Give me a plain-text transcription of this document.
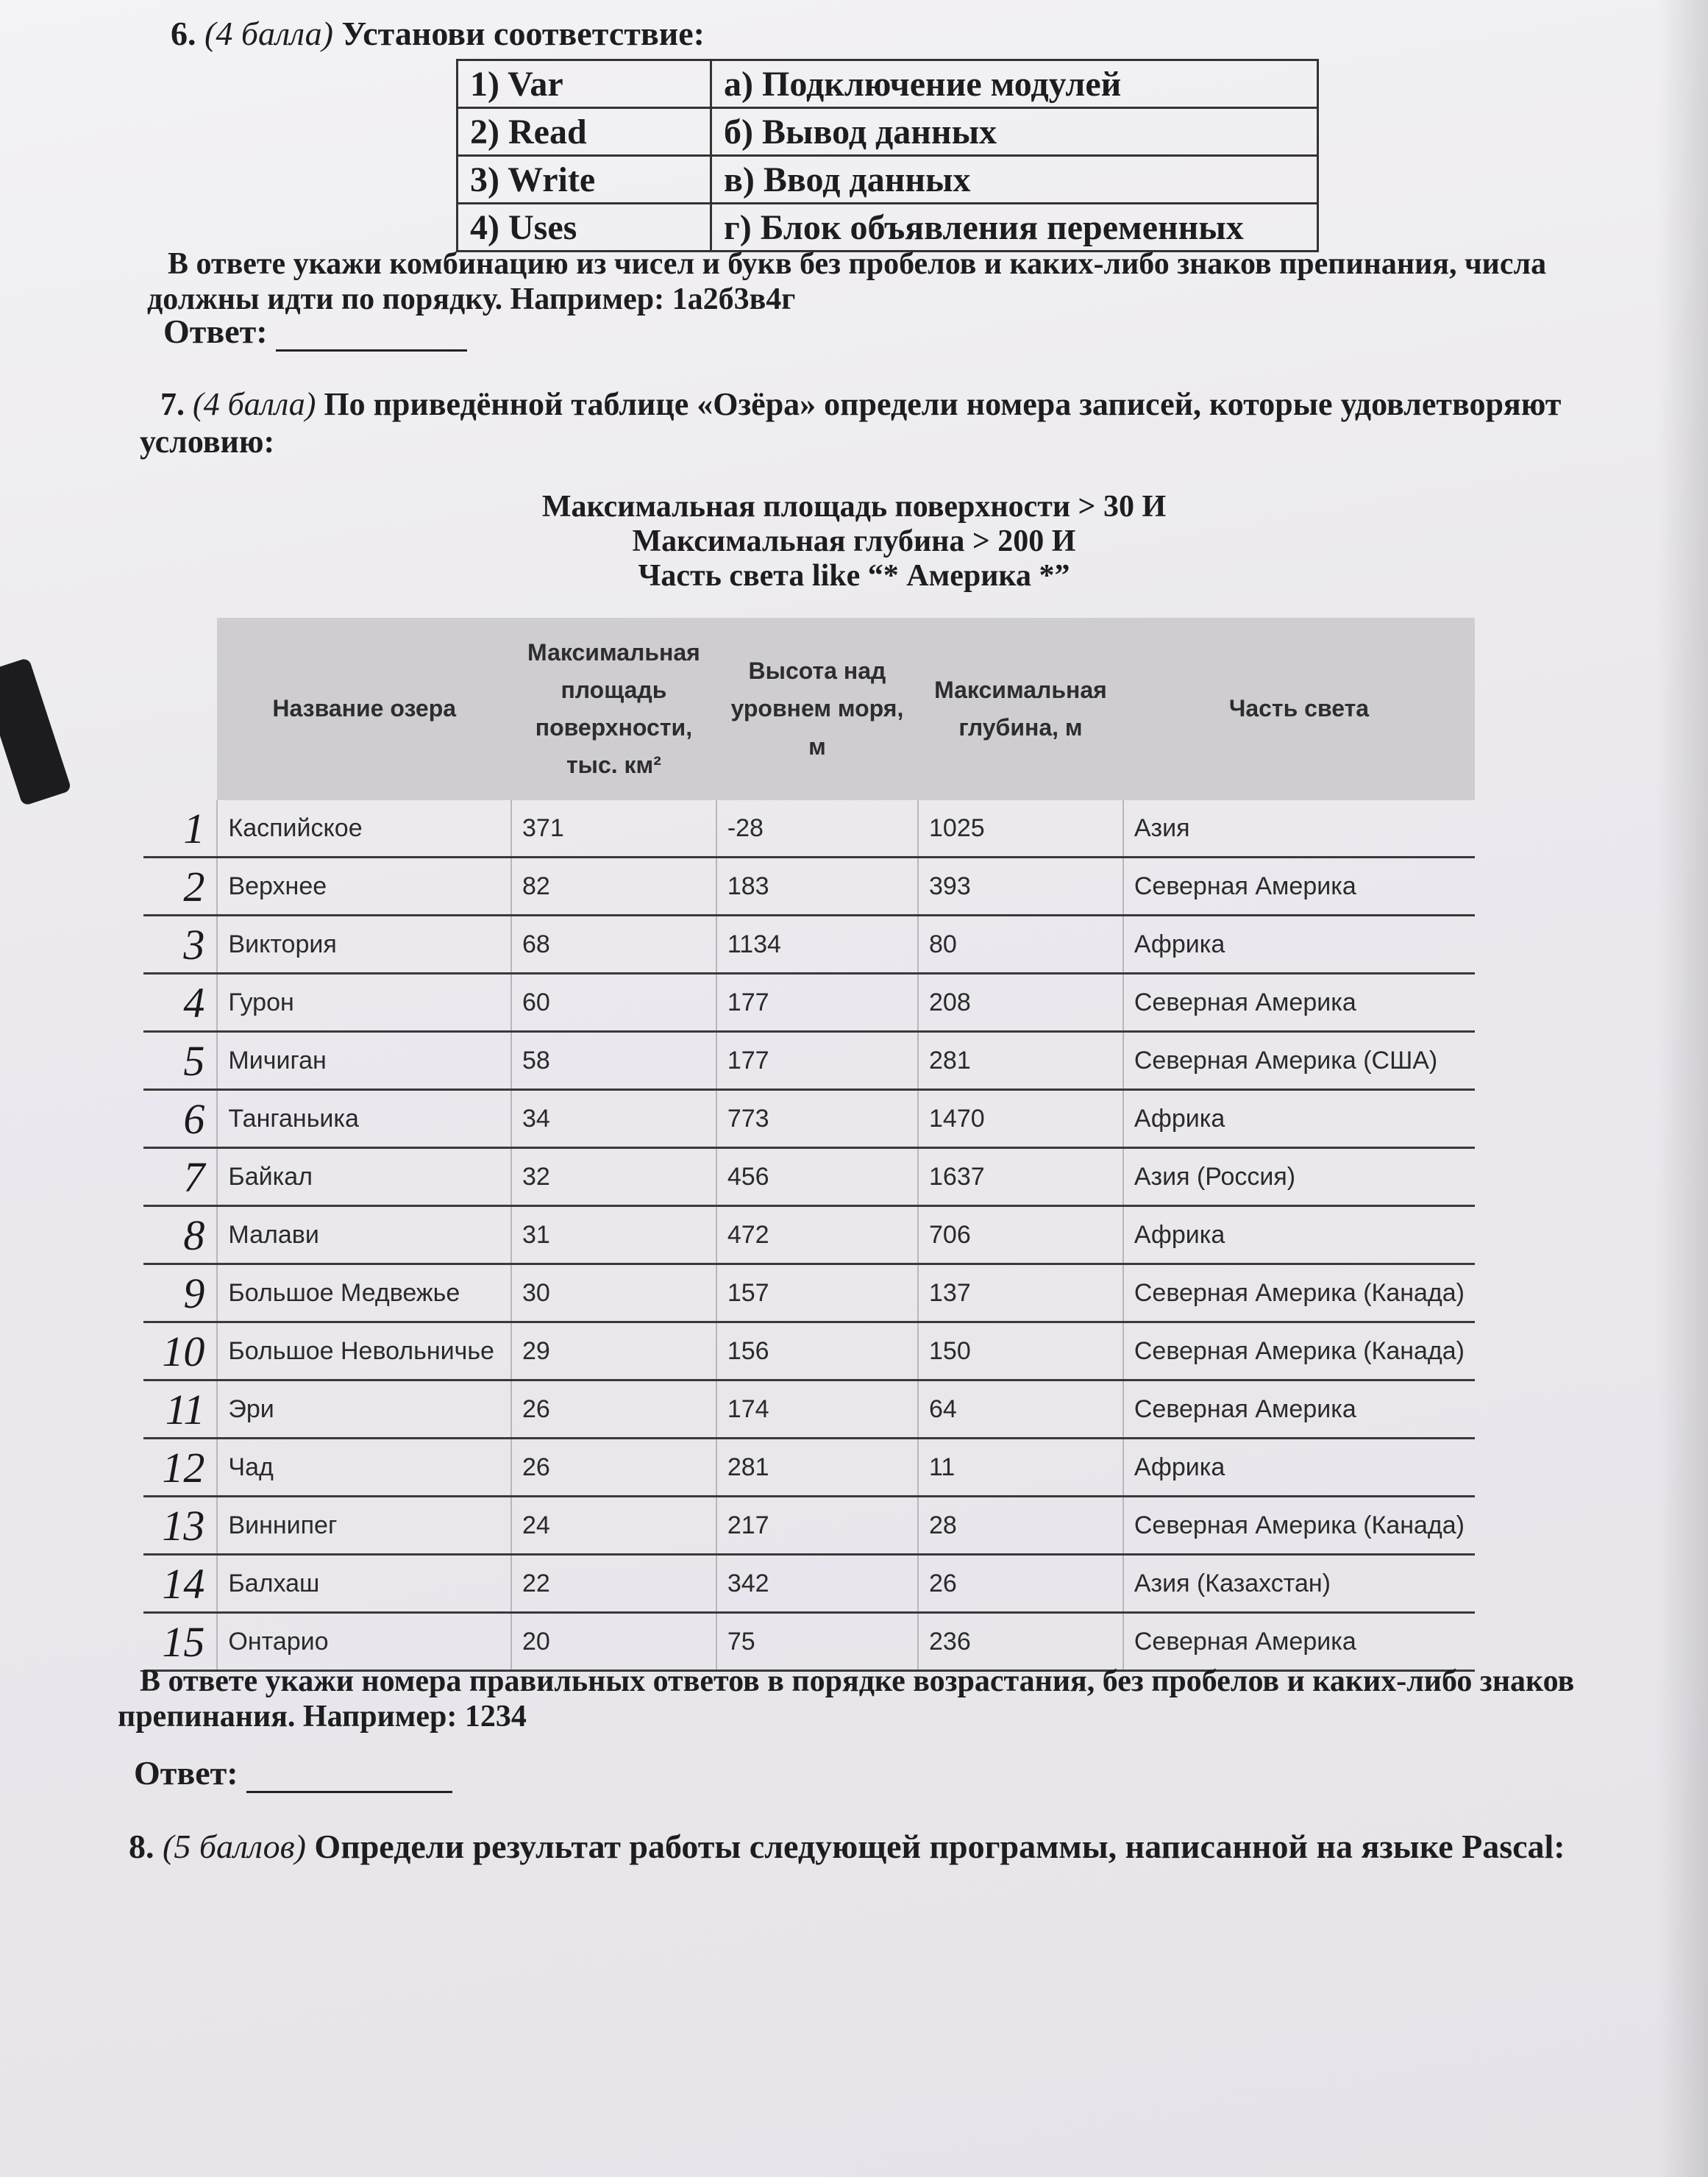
6. (4 балла) Установи соответствие:
1) Var	а) Подключение модулей
2) Read	б) Вывод данных
3) Write	в) Ввод данных
4) Uses	г) Блок объявления переменных
В ответе укажи комбинацию из чисел и букв без пробелов и каких-либо знаков препинания, числа должны идти по порядку. Например: 1а2б3в4г
Ответ:
7. (4 балла) По приведённой таблице «Озёра» определи номера записей, которые удовлетворяют условию:
Максимальная площадь поверхности > 30 И
Максимальная глубина > 200 И
Часть света like “* Америка *”
	Название озера	Максимальная площадь поверхности, тыс. км²	Высота над уровнем моря, м	Максимальная глубина, м	Часть света
1	Каспийское	371	-28	1025	Азия
2	Верхнее	82	183	393	Северная Америка
3	Виктория	68	1134	80	Африка
4	Гурон	60	177	208	Северная Америка
5	Мичиган	58	177	281	Северная Америка (США)
6	Танганьика	34	773	1470	Африка
7	Байкал	32	456	1637	Азия (Россия)
8	Малави	31	472	706	Африка
9	Большое Медвежье	30	157	137	Северная Америка (Канада)
10	Большое Невольничье	29	156	150	Северная Америка (Канада)
11	Эри	26	174	64	Северная Америка
12	Чад	26	281	11	Африка
13	Виннипег	24	217	28	Северная Америка (Канада)
14	Балхаш	22	342	26	Азия (Казахстан)
15	Онтарио	20	75	236	Северная Америка
В ответе укажи номера правильных ответов в порядке возрастания, без пробелов и каких-либо знаков препинания. Например: 1234
Ответ:
8. (5 баллов) Определи результат работы следующей программы, написанной на языке Pascal:
